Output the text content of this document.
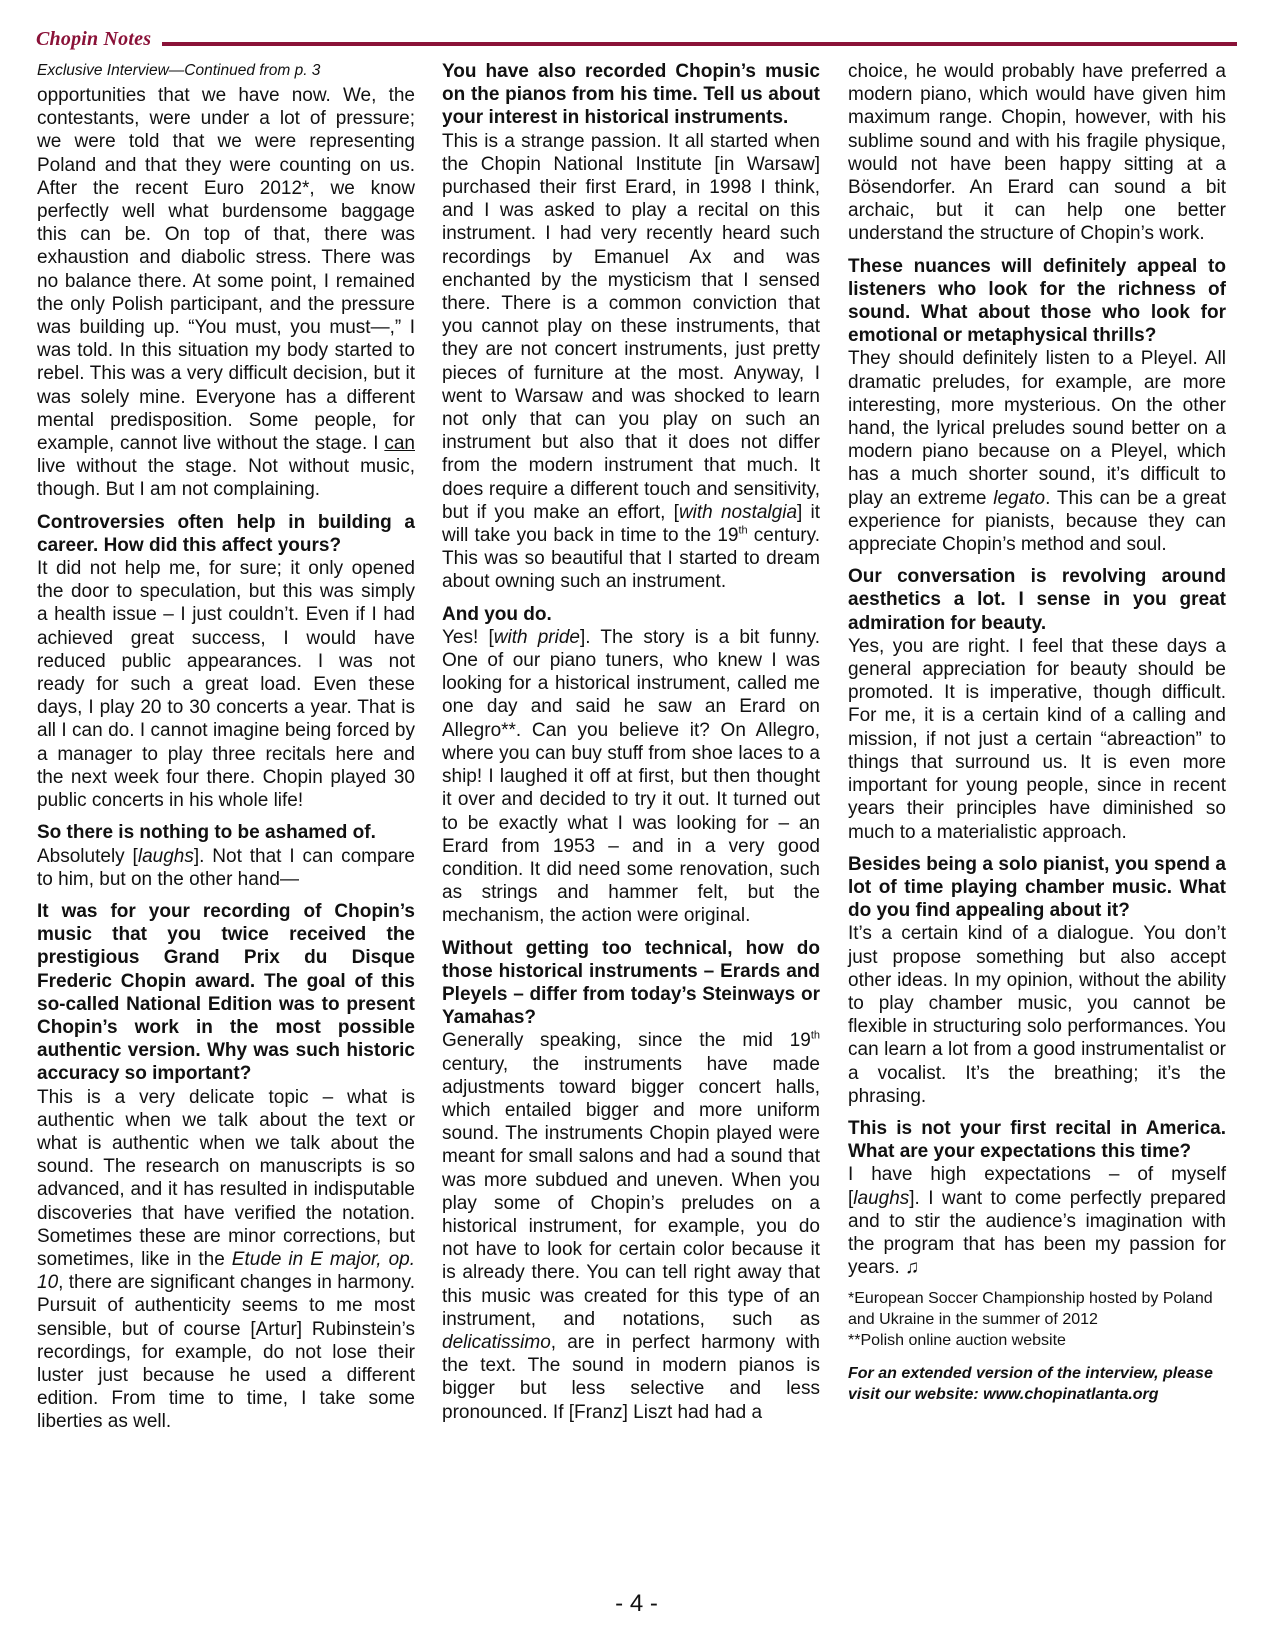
Chopin Notes

Exclusive Interview—Continued from p. 3

opportunities that we have now. We, the contestants, were under a lot of pressure; we were told that we were representing Poland and that they were counting on us. After the recent Euro 2012*, we know perfectly well what burdensome baggage this can be. On top of that, there was exhaustion and diabolic stress. There was no balance there. At some point, I remained the only Polish participant, and the pressure was building up. “You must, you must—,” I was told. In this situation my body started to rebel. This was a very difficult decision, but it was solely mine. Everyone has a different mental predisposition. Some people, for example, cannot live without the stage. I can live without the stage. Not without music, though. But I am not complaining.

Controversies often help in building a career. How did this affect yours?

It did not help me, for sure; it only opened the door to speculation, but this was simply a health issue – I just couldn’t. Even if I had achieved great success, I would have reduced public appearances. I was not ready for such a great load. Even these days, I play 20 to 30 concerts a year. That is all I can do. I cannot imagine being forced by a manager to play three recitals here and the next week four there. Chopin played 30 public concerts in his whole life!

So there is nothing to be ashamed of.

Absolutely [laughs]. Not that I can compare to him, but on the other hand—

It was for your recording of Chopin’s music that you twice received the prestigious Grand Prix du Disque Frederic Chopin award. The goal of this so-called National Edition was to present Chopin’s work in the most possible authentic version. Why was such historic accuracy so important?

This is a very delicate topic – what is authentic when we talk about the text or what is authentic when we talk about the sound. The research on manuscripts is so advanced, and it has resulted in indisputable discoveries that have verified the notation. Sometimes these are minor corrections, but sometimes, like in the Etude in E major, op. 10, there are significant changes in harmony. Pursuit of authenticity seems to me most sensible, but of course [Artur] Rubinstein’s recordings, for example, do not lose their luster just because he used a different edition. From time to time, I take some liberties as well.

You have also recorded Chopin’s music on the pianos from his time. Tell us about your interest in historical instruments.

This is a strange passion. It all started when the Chopin National Institute [in Warsaw] purchased their first Erard, in 1998 I think, and I was asked to play a recital on this instrument. I had very recently heard such recordings by Emanuel Ax and was enchanted by the mysticism that I sensed there. There is a common conviction that you cannot play on these instruments, that they are not concert instruments, just pretty pieces of furniture at the most. Anyway, I went to Warsaw and was shocked to learn not only that can you play on such an instrument but also that it does not differ from the modern instrument that much. It does require a different touch and sensitivity, but if you make an effort, [with nostalgia] it will take you back in time to the 19th century. This was so beautiful that I started to dream about owning such an instrument.

And you do.

Yes! [with pride]. The story is a bit funny. One of our piano tuners, who knew I was looking for a historical instrument, called me one day and said he saw an Erard on Allegro**. Can you believe it? On Allegro, where you can buy stuff from shoe laces to a ship! I laughed it off at first, but then thought it over and decided to try it out. It turned out to be exactly what I was looking for – an Erard from 1953 – and in a very good condition. It did need some renovation, such as strings and hammer felt, but the mechanism, the action were original.

Without getting too technical, how do those historical instruments – Erards and Pleyels – differ from today’s Steinways or Yamahas?

Generally speaking, since the mid 19th century, the instruments have made adjustments toward bigger concert halls, which entailed bigger and more uniform sound. The instruments Chopin played were meant for small salons and had a sound that was more subdued and uneven. When you play some of Chopin’s preludes on a historical instrument, for example, you do not have to look for certain color because it is already there. You can tell right away that this music was created for this type of an instrument, and notations, such as delicatissimo, are in perfect harmony with the text. The sound in modern pianos is bigger but less selective and less pronounced. If [Franz] Liszt had had a

choice, he would probably have preferred a modern piano, which would have given him maximum range. Chopin, however, with his sublime sound and with his fragile physique, would not have been happy sitting at a Bösendorfer. An Erard can sound a bit archaic, but it can help one better understand the structure of Chopin’s work.

These nuances will definitely appeal to listeners who look for the richness of sound. What about those who look for emotional or metaphysical thrills?

They should definitely listen to a Pleyel. All dramatic preludes, for example, are more interesting, more mysterious. On the other hand, the lyrical preludes sound better on a modern piano because on a Pleyel, which has a much shorter sound, it’s difficult to play an extreme legato. This can be a great experience for pianists, because they can appreciate Chopin’s method and soul.

Our conversation is revolving around aesthetics a lot. I sense in you great admiration for beauty.

Yes, you are right. I feel that these days a general appreciation for beauty should be promoted. It is imperative, though difficult. For me, it is a certain kind of a calling and mission, if not just a certain “abreaction” to things that surround us. It is even more important for young people, since in recent years their principles have diminished so much to a materialistic approach.

Besides being a solo pianist, you spend a lot of time playing chamber music. What do you find appealing about it?

It’s a certain kind of a dialogue. You don’t just propose something but also accept other ideas. In my opinion, without the ability to play chamber music, you cannot be flexible in structuring solo performances. You can learn a lot from a good instrumentalist or a vocalist. It’s the breathing; it’s the phrasing.

This is not your first recital in America. What are your expectations this time?

I have high expectations – of myself [laughs]. I want to come perfectly prepared and to stir the audience’s imagination with the program that has been my passion for years. ♫

*European Soccer Championship hosted by Poland and Ukraine in the summer of 2012

**Polish online auction website

For an extended version of the interview, please visit our website: www.chopinatlanta.org

- 4 -
